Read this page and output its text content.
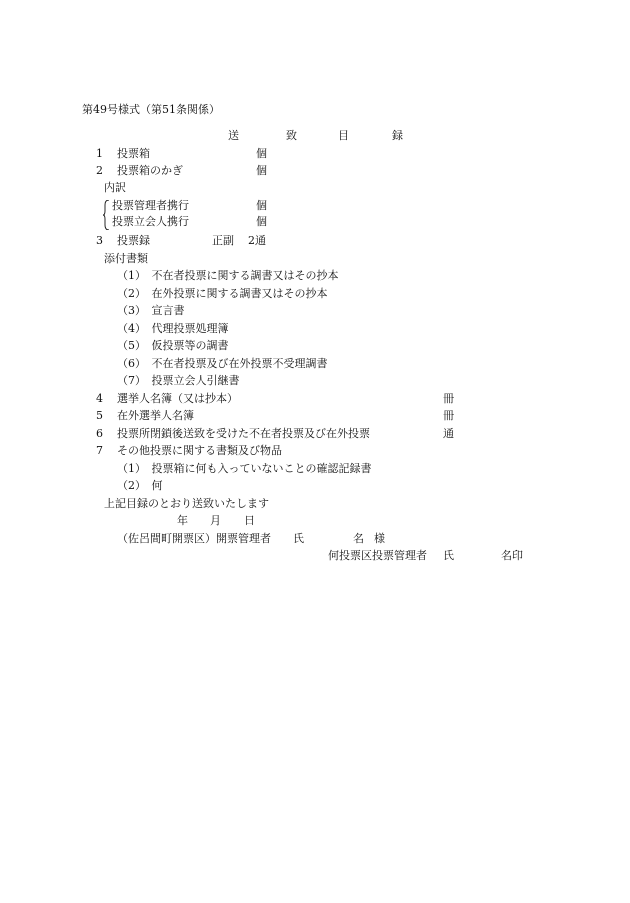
第49号様式（第51条関係）
送	致	目	録
1 投票箱	個
2 投票箱のかぎ	個
内訳
投票管理者携行	個
投票立会人携行	個
3 投票録	正副 2通
添付書類
（1）　不在者投票に関する調書又はその抄本
（2）　在外投票に関する調書又はその抄本
（3）　宣言書
（4）　代理投票処理簿
（5）　仮投票等の調書
（6）　不在者投票及び在外投票不受理調書
（7）　投票立会人引継書
4 選挙人名簿（又は抄本）	冊
5 在外選挙人名簿	冊
6 投票所閉鎖後送致を受けた不在者投票及び在外投票	通
7 その他投票に関する書類及び物品
（1）　投票箱に何も入っていないことの確認記録書
（2）　何
上記目録のとおり送致いたします
年 月 日
（佐呂間町開票区）開票管理者 氏	名 様
何投票区投票管理者 氏	名印
